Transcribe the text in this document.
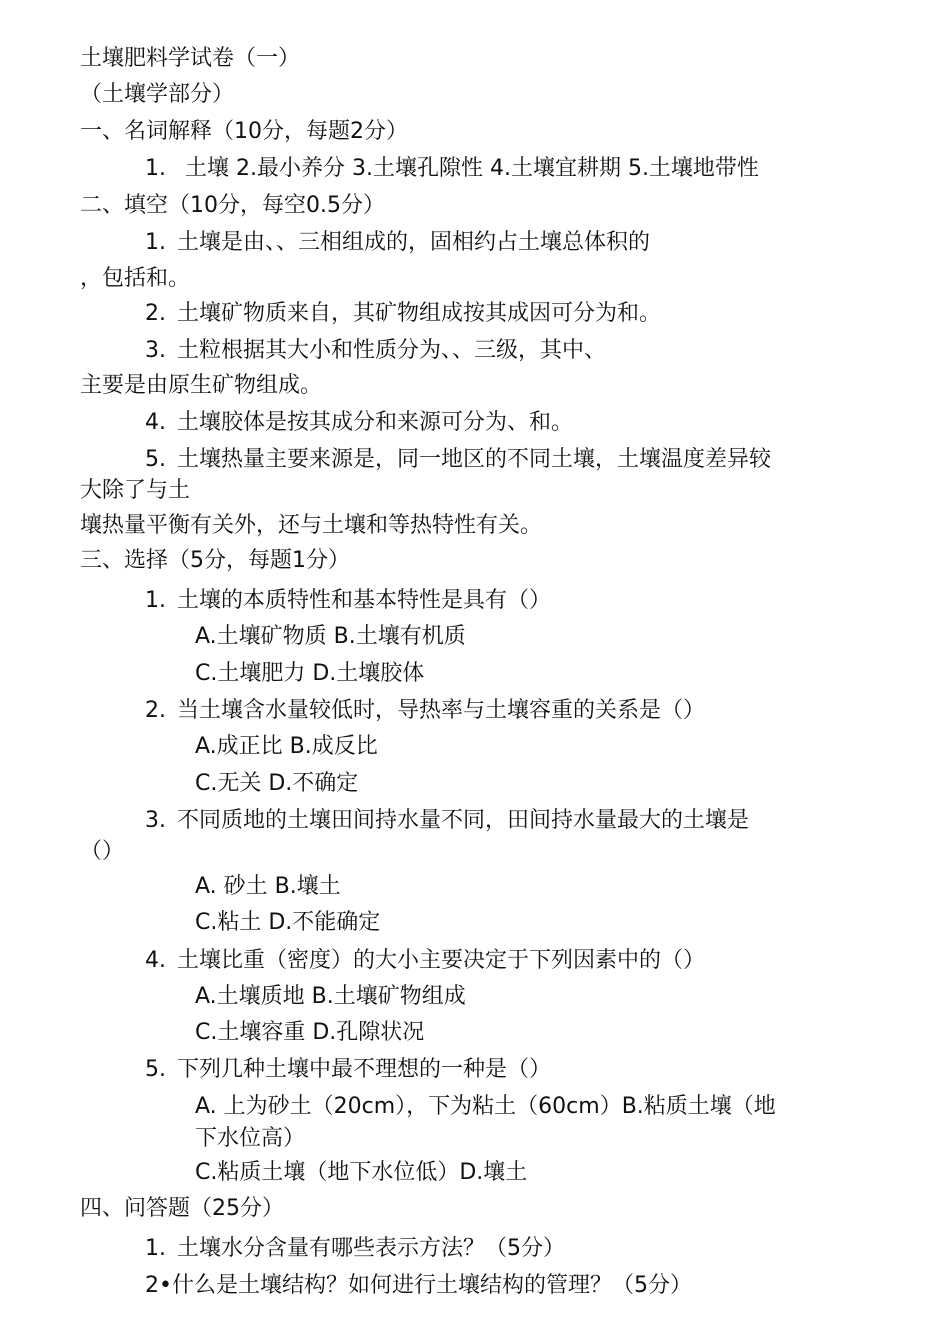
土壤肥料学试卷（一）
（土壤学部分）
一、名词解释（10分，每题2分）
1. 土壤 2.最小养分 3.土壤孔隙性 4.土壤宜耕期 5.土壤地带性
二、填空（10分，每空0.5分）
1. 土壤是由、、三相组成的，固相约占土壤总体积的
，包括和。
2. 土壤矿物质来自，其矿物组成按其成因可分为和。
3. 土粒根据其大小和性质分为、、三级，其中、
主要是由原生矿物组成。
4. 土壤胶体是按其成分和来源可分为、和。
5. 土壤热量主要来源是，同一地区的不同土壤，土壤温度差异较
大除了与土
壤热量平衡有关外，还与土壤和等热特性有关。
三、选择（5分，每题1分）
1. 土壤的本质特性和基本特性是具有（）
A.土壤矿物质 B.土壤有机质
C.土壤肥力 D.土壤胶体
2. 当土壤含水量较低时，导热率与土壤容重的关系是（）
A.成正比 B.成反比
C.无关 D.不确定
3. 不同质地的土壤田间持水量不同，田间持水量最大的土壤是
（）
A. 砂土 B.壤土
C.粘土 D.不能确定
4. 土壤比重（密度）的大小主要决定于下列因素中的（）
A.土壤质地 B.土壤矿物组成
C.土壤容重 D.孔隙状况
5. 下列几种土壤中最不理想的一种是（）
A. 上为砂土（20cm），下为粘土（60cm）B.粘质土壤（地
下水位高）
C.粘质土壤（地下水位低）D.壤土
四、问答题（25分）
1. 土壤水分含量有哪些表示方法？（5分）
2•什么是土壤结构？如何进行土壤结构的管理？（5分）
